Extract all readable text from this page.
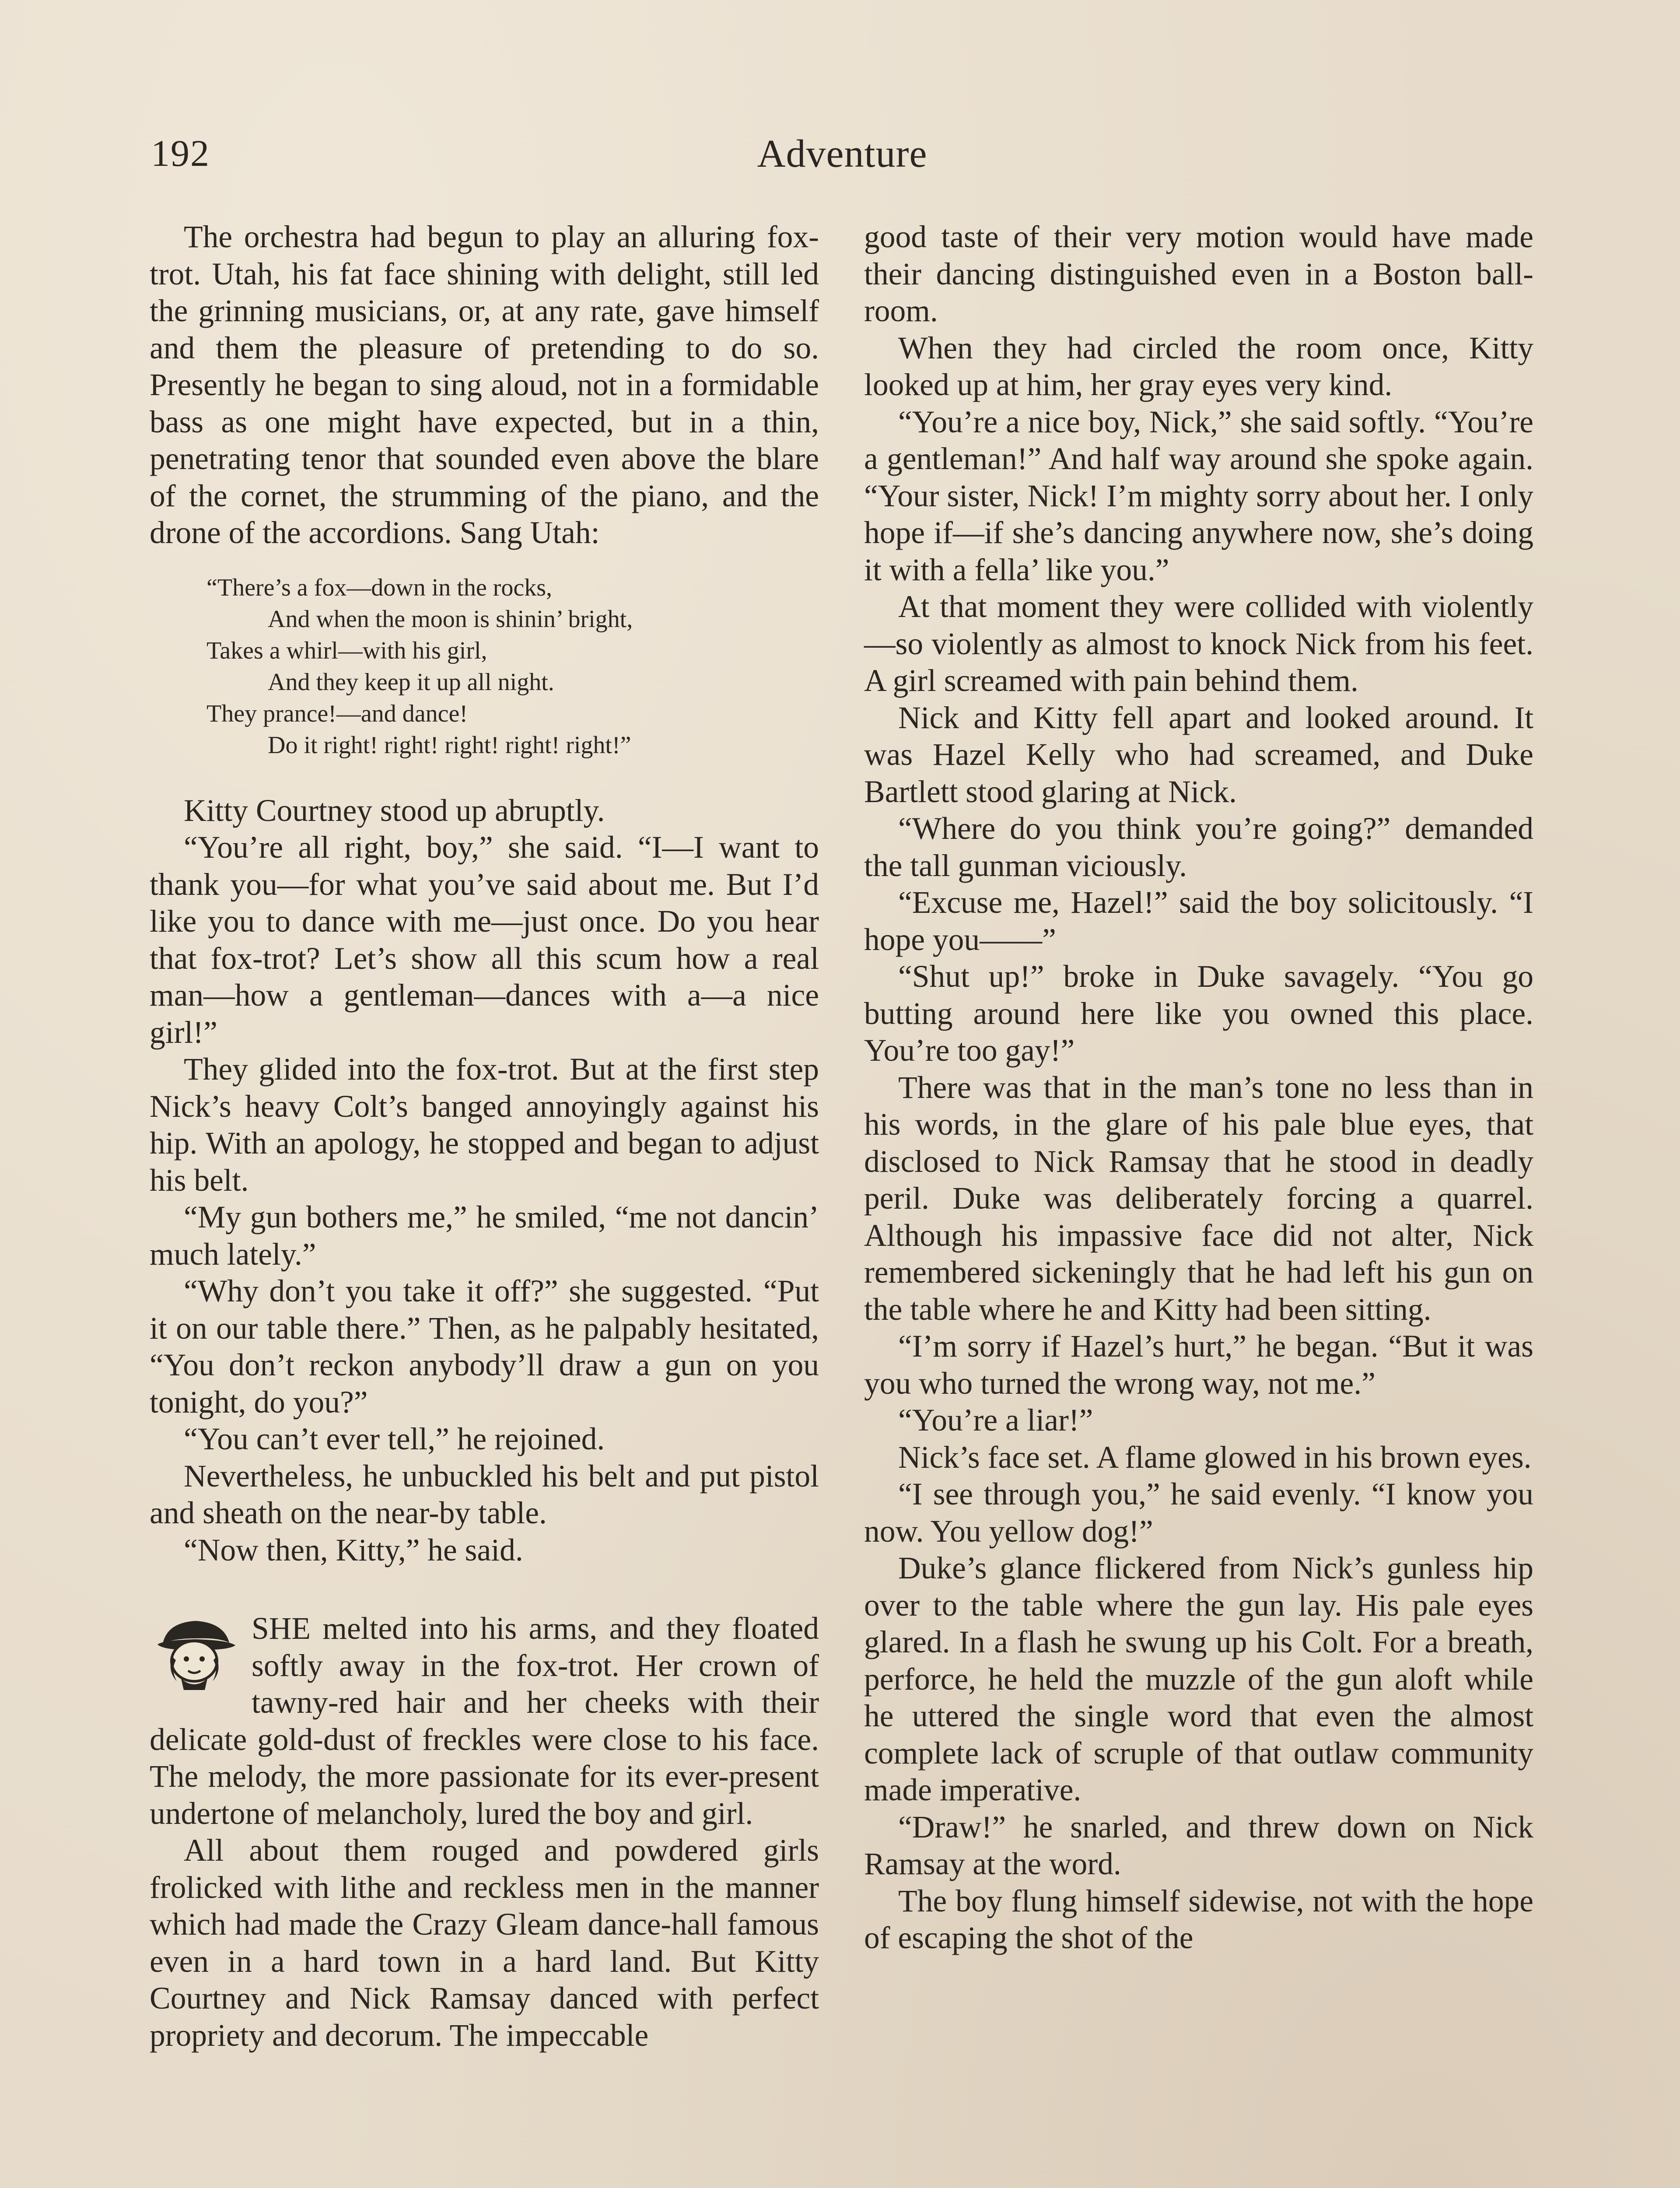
192	Adventure

The orchestra had begun to play an alluring fox-trot. Utah, his fat face shining with delight, still led the grinning musicians, or, at any rate, gave himself and them the pleasure of pretending to do so. Presently he began to sing aloud, not in a formidable bass as one might have expected, but in a thin, penetrating tenor that sounded even above the blare of the cornet, the strumming of the piano, and the drone of the accordions. Sang Utah:

“There’s a fox—down in the rocks,
And when the moon is shinin’ bright,
Takes a whirl—with his girl,
And they keep it up all night.
They prance!—and dance!
Do it right! right! right! right! right!”

Kitty Courtney stood up abruptly.

“You’re all right, boy,” she said. “I—I want to thank you—for what you’ve said about me. But I’d like you to dance with me—just once. Do you hear that fox-trot? Let’s show all this scum how a real man—how a gentleman—dances with a—a nice girl!”

They glided into the fox-trot. But at the first step Nick’s heavy Colt’s banged annoyingly against his hip. With an apology, he stopped and began to adjust his belt.

“My gun bothers me,” he smiled, “me not dancin’ much lately.”

“Why don’t you take it off?” she suggested. “Put it on our table there.” Then, as he palpably hesitated, “You don’t reckon anybody’ll draw a gun on you tonight, do you?”

“You can’t ever tell,” he rejoined.

Nevertheless, he unbuckled his belt and put pistol and sheath on the near-by table.

“Now then, Kitty,” he said.

SHE melted into his arms, and they floated softly away in the fox-trot. Her crown of tawny-red hair and her cheeks with their delicate gold-dust of freckles were close to his face. The melody, the more passionate for its ever-present undertone of melancholy, lured the boy and girl.

All about them rouged and powdered girls frolicked with lithe and reckless men in the manner which had made the Crazy Gleam dance-hall famous even in a hard town in a hard land. But Kitty Courtney and Nick Ramsay danced with perfect propriety and decorum. The impeccable

good taste of their very motion would have made their dancing distinguished even in a Boston ball-room.

When they had circled the room once, Kitty looked up at him, her gray eyes very kind.

“You’re a nice boy, Nick,” she said softly. “You’re a gentleman!” And half way around she spoke again. “Your sister, Nick! I’m mighty sorry about her. I only hope if—if she’s dancing anywhere now, she’s doing it with a fella’ like you.”

At that moment they were collided with violently—so violently as almost to knock Nick from his feet. A girl screamed with pain behind them.

Nick and Kitty fell apart and looked around. It was Hazel Kelly who had screamed, and Duke Bartlett stood glaring at Nick.

“Where do you think you’re going?” demanded the tall gunman viciously.

“Excuse me, Hazel!” said the boy solicitously. “I hope you——”

“Shut up!” broke in Duke savagely. “You go butting around here like you owned this place. You’re too gay!”

There was that in the man’s tone no less than in his words, in the glare of his pale blue eyes, that disclosed to Nick Ramsay that he stood in deadly peril. Duke was deliberately forcing a quarrel. Although his impassive face did not alter, Nick remembered sickeningly that he had left his gun on the table where he and Kitty had been sitting.

“I’m sorry if Hazel’s hurt,” he began. “But it was you who turned the wrong way, not me.”

“You’re a liar!”

Nick’s face set. A flame glowed in his brown eyes.

“I see through you,” he said evenly. “I know you now. You yellow dog!”

Duke’s glance flickered from Nick’s gunless hip over to the table where the gun lay. His pale eyes glared. In a flash he swung up his Colt. For a breath, perforce, he held the muzzle of the gun aloft while he uttered the single word that even the almost complete lack of scruple of that outlaw community made imperative.

“Draw!” he snarled, and threw down on Nick Ramsay at the word.

The boy flung himself sidewise, not with the hope of escaping the shot of the
